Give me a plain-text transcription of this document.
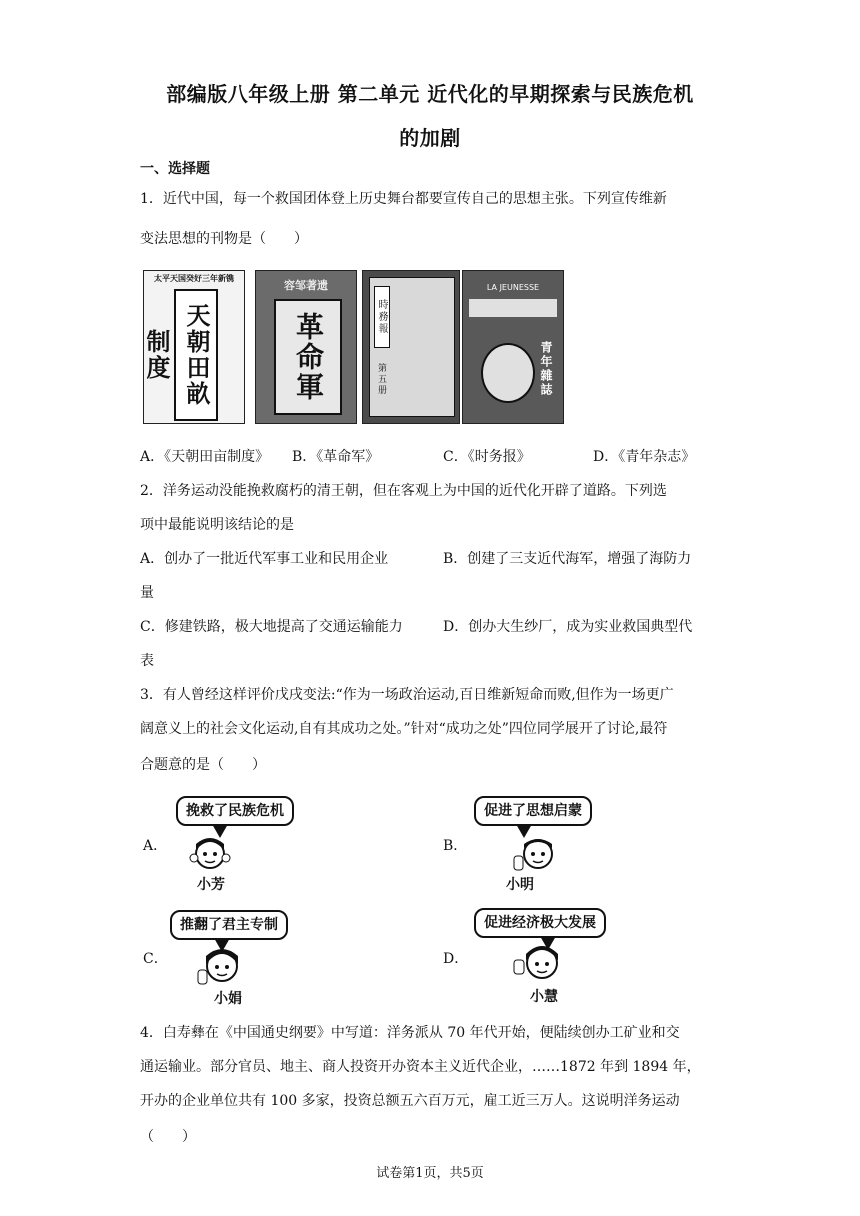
部编版八年级上册 第二单元 近代化的早期探索与民族危机
的加剧
一、选择题
1．近代中国，每一个救国团体登上历史舞台都要宣传自己的思想主张。下列宣传维新
变法思想的刊物是（　　）
太平天国癸好三年新镌
天朝田畝制度
容邹著遗
革命軍	時務報
第五册
LA JEUNESSE
青年雜誌
A．《天朝田亩制度》 B．《革命军》	C．《时务报》	D．《青年杂志》
2．洋务运动没能挽救腐朽的清王朝，但在客观上为中国的近代化开辟了道路。下列选
项中最能说明该结论的是
A．创办了一批近代军事工业和民用企业	B．创建了三支近代海军，增强了海防力
量
C．修建铁路，极大地提高了交通运输能力	D．创办大生纱厂，成为实业救国典型代
表
3．有人曾经这样评价戊戌变法:“作为一场政治运动,百日维新短命而败,但作为一场更广
阔意义上的社会文化运动,自有其成功之处。”针对“成功之处”四位同学展开了讨论,最符
合题意的是（　　）
A．
挽救了民族危机
小芳
B．
促进了思想启蒙
小明
C．
推翻了君主专制
小娟
D．
促进经济极大发展
小慧
4．白寿彝在《中国通史纲要》中写道：洋务派从 70 年代开始，便陆续创办工矿业和交
通运输业。部分官员、地主、商人投资开办资本主义近代企业，……1872 年到 1894 年，
开办的企业单位共有 100 多家，投资总额五六百万元，雇工近三万人。这说明洋务运动
（　　）
试卷第1页，共5页
